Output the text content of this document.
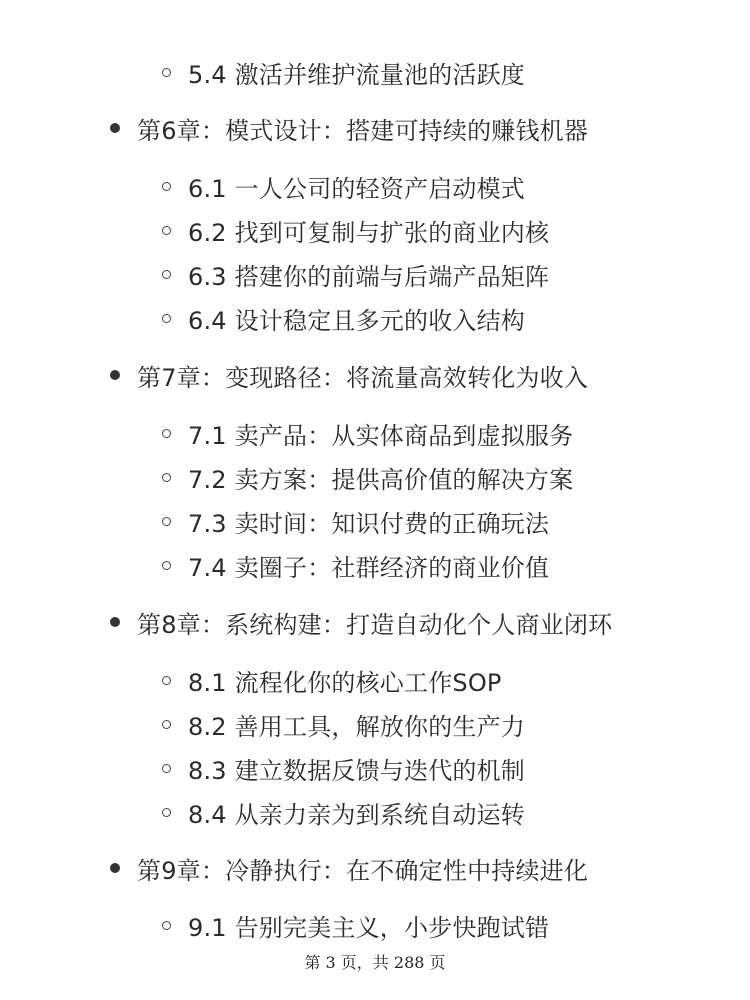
5.4 激活并维护流量池的活跃度
第6章：模式设计：搭建可持续的赚钱机器
6.1 一人公司的轻资产启动模式
6.2 找到可复制与扩张的商业内核
6.3 搭建你的前端与后端产品矩阵
6.4 设计稳定且多元的收入结构
第7章：变现路径：将流量高效转化为收入
7.1 卖产品：从实体商品到虚拟服务
7.2 卖方案：提供高价值的解决方案
7.3 卖时间：知识付费的正确玩法
7.4 卖圈子：社群经济的商业价值
第8章：系统构建：打造自动化个人商业闭环
8.1 流程化你的核心工作SOP
8.2 善用工具，解放你的生产力
8.3 建立数据反馈与迭代的机制
8.4 从亲力亲为到系统自动运转
第9章：冷静执行：在不确定性中持续进化
9.1 告别完美主义，小步快跑试错
第 3 页，共 288 页
